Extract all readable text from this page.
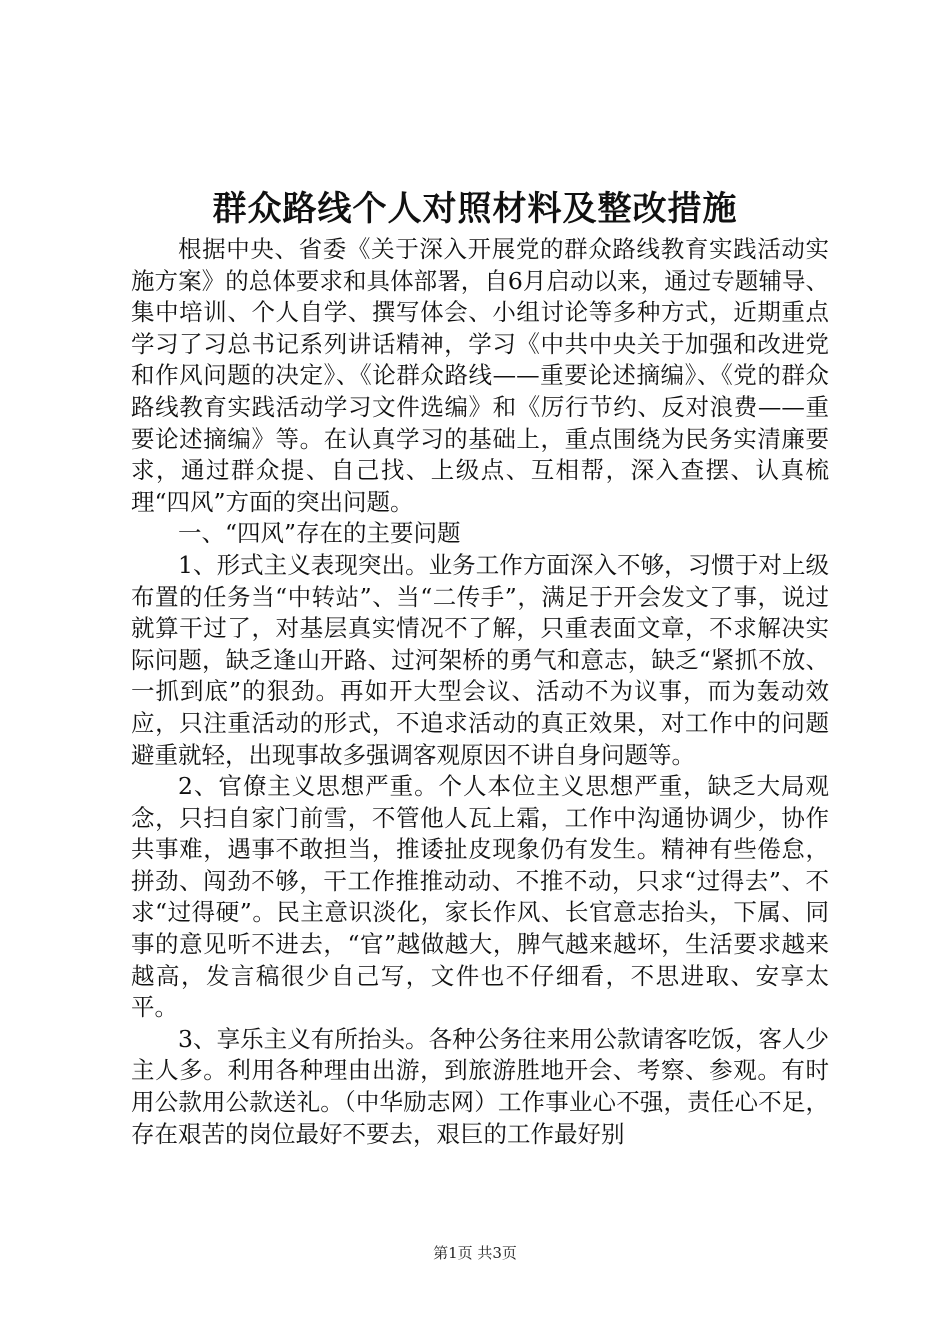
群众路线个人对照材料及整改措施

根据中央、省委《关于深入开展党的群众路线教育实践活动实施方案》的总体要求和具体部署，自6月启动以来，通过专题辅导、集中培训、个人自学、撰写体会、小组讨论等多种方式，近期重点学习了习总书记系列讲话精神，学习《中共中央关于加强和改进党和作风问题的决定》、《论群众路线——重要论述摘编》、《党的群众路线教育实践活动学习文件选编》和《厉行节约、反对浪费——重要论述摘编》等。在认真学习的基础上，重点围绕为民务实清廉要求，通过群众提、自己找、上级点、互相帮，深入查摆、认真梳理“四风”方面的突出问题。

一、“四风”存在的主要问题

1、形式主义表现突出。业务工作方面深入不够，习惯于对上级布置的任务当“中转站”、当“二传手”，满足于开会发文了事，说过就算干过了，对基层真实情况不了解，只重表面文章，不求解决实际问题，缺乏逢山开路、过河架桥的勇气和意志，缺乏“紧抓不放、一抓到底”的狠劲。再如开大型会议、活动不为议事，而为轰动效应，只注重活动的形式，不追求活动的真正效果，对工作中的问题避重就轻，出现事故多强调客观原因不讲自身问题等。

2、官僚主义思想严重。个人本位主义思想严重，缺乏大局观念，只扫自家门前雪，不管他人瓦上霜，工作中沟通协调少，协作共事难，遇事不敢担当，推诿扯皮现象仍有发生。精神有些倦怠，拼劲、闯劲不够，干工作推推动动、不推不动，只求“过得去”、不求“过得硬”。民主意识淡化，家长作风、长官意志抬头，下属、同事的意见听不进去，“官”越做越大，脾气越来越坏，生活要求越来越高，发言稿很少自己写，文件也不仔细看，不思进取、安享太平。

3、享乐主义有所抬头。各种公务往来用公款请客吃饭，客人少主人多。利用各种理由出游，到旅游胜地开会、考察、参观。有时用公款用公款送礼。（中华励志网）工作事业心不强，责任心不足，存在艰苦的岗位最好不要去，艰巨的工作最好别

第1页 共3页
